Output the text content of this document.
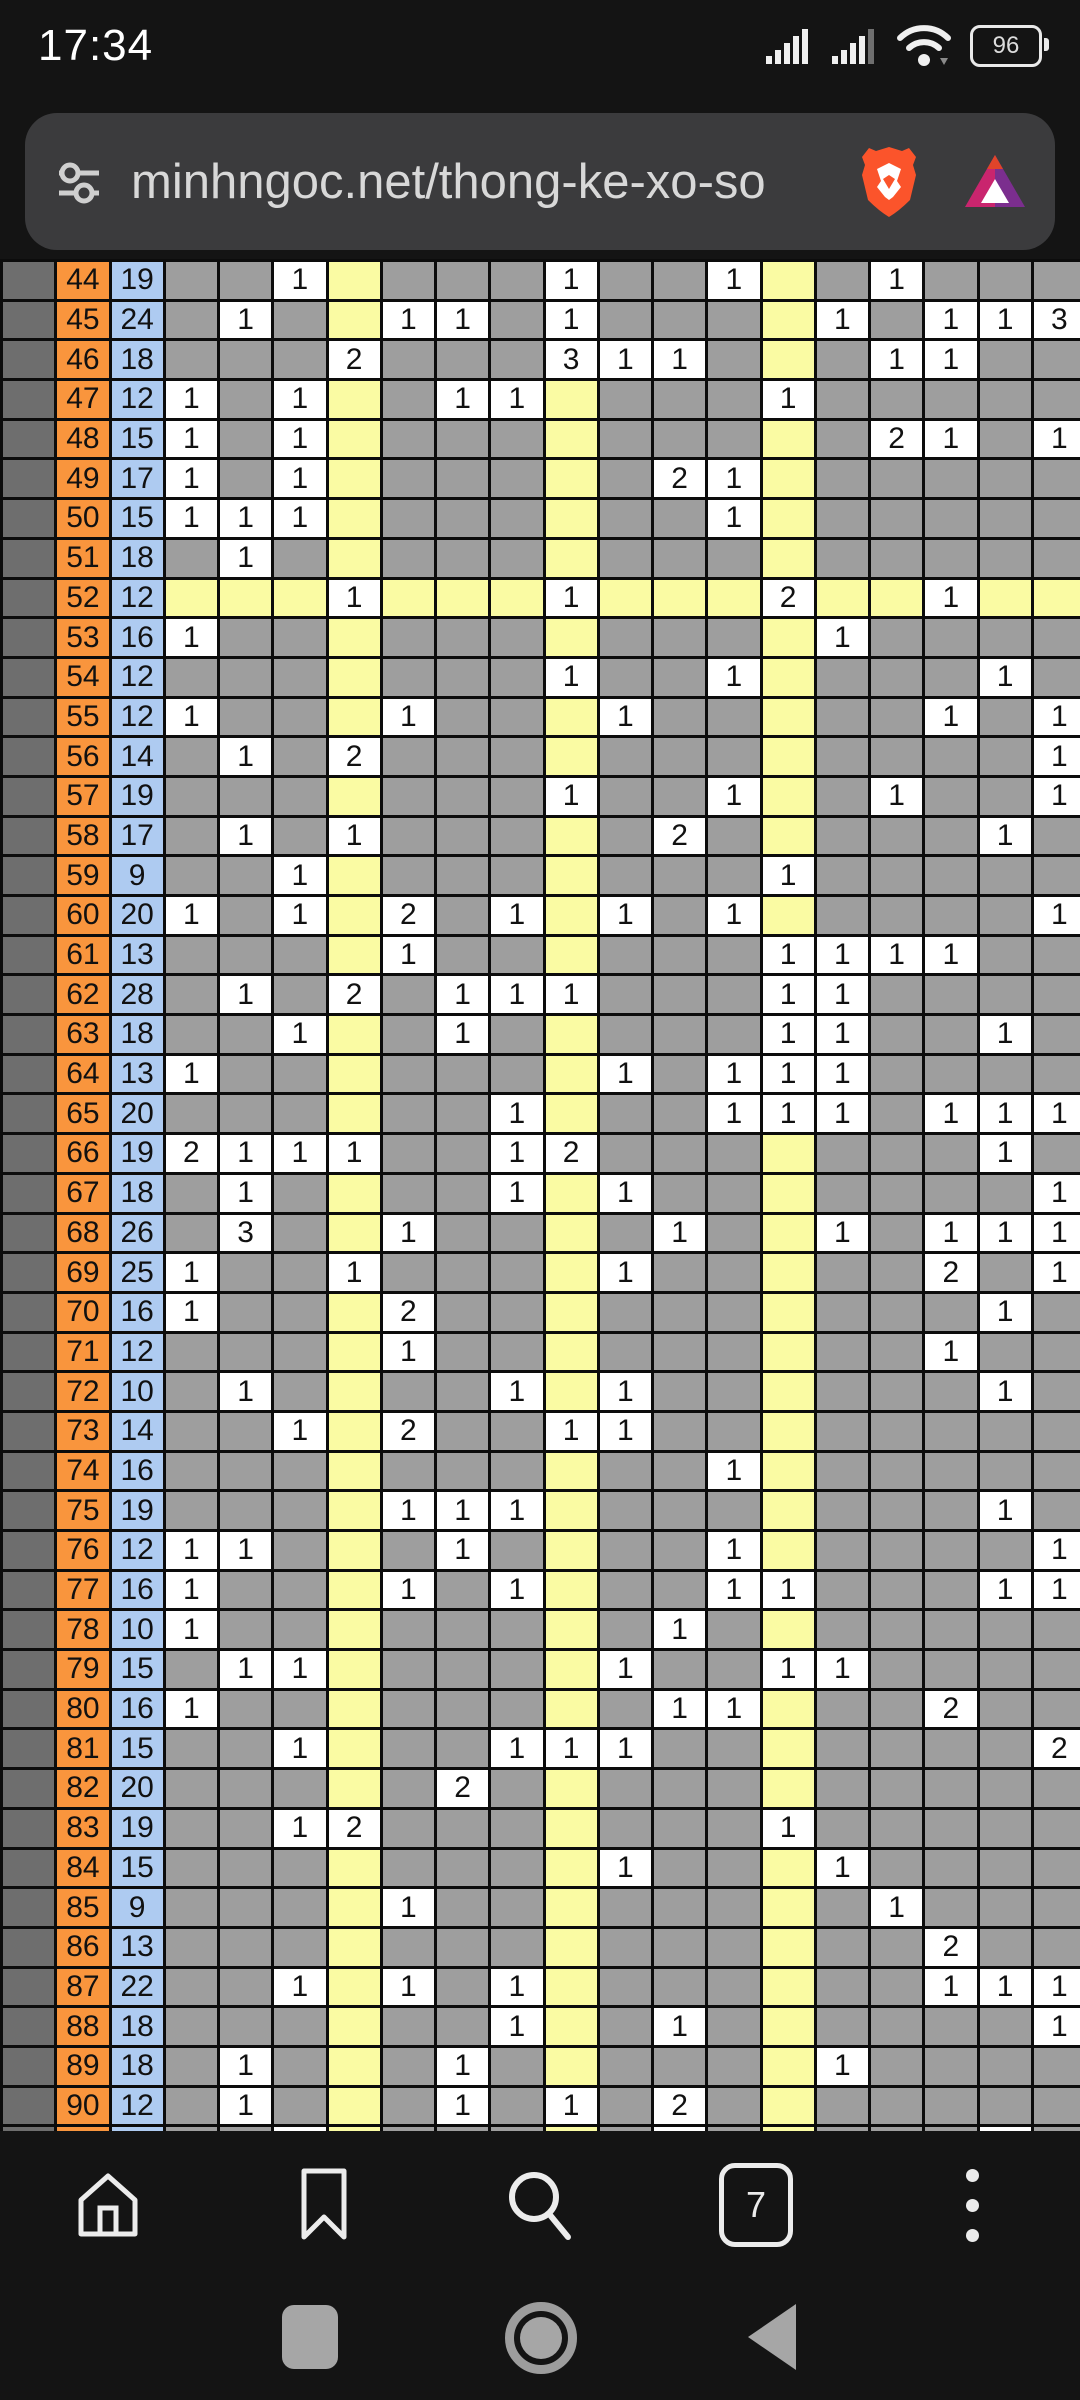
17:34	96
minhngoc.net/thong-ke-xo-so
	44	19			1					1			1			1			
	45	24		1			1	1		1					1		1	1	3
	46	18				2				3	1	1				1	1		
	47	12	1		1			1	1					1					
	48	15	1		1											2	1		1
	49	17	1		1							2	1						
	50	15	1	1	1								1						
	51	18		1															
	52	12				1				1				2			1		
	53	16	1												1				
	54	12								1			1					1	
	55	12	1				1				1						1		1
	56	14		1		2													1
	57	19								1			1			1			1
	58	17		1		1						2						1	
	59	9			1									1					
	60	20	1		1		2		1		1		1						1
	61	13					1							1	1	1	1		
	62	28		1		2		1	1	1				1	1				
	63	18			1			1						1	1			1	
	64	13	1								1		1	1	1				
	65	20							1				1	1	1		1	1	1
	66	19	2	1	1	1			1	2								1	
	67	18		1					1		1								1
	68	26		3			1					1			1		1	1	1
	69	25	1			1					1						2		1
	70	16	1				2											1	
	71	12					1										1		
	72	10		1					1		1							1	
	73	14			1		2			1	1								
	74	16											1						
	75	19					1	1	1									1	
	76	12	1	1				1					1						1
	77	16	1				1		1				1	1				1	1
	78	10	1									1							
	79	15		1	1						1			1	1				
	80	16	1									1	1				2		
	81	15			1				1	1	1								2
	82	20						2											
	83	19			1	2								1					
	84	15									1				1				
	85	9					1									1			
	86	13															2		
	87	22			1		1		1								1	1	1
	88	18							1			1							1
	89	18		1				1							1				
	90	12		1				1		1		2							

7
